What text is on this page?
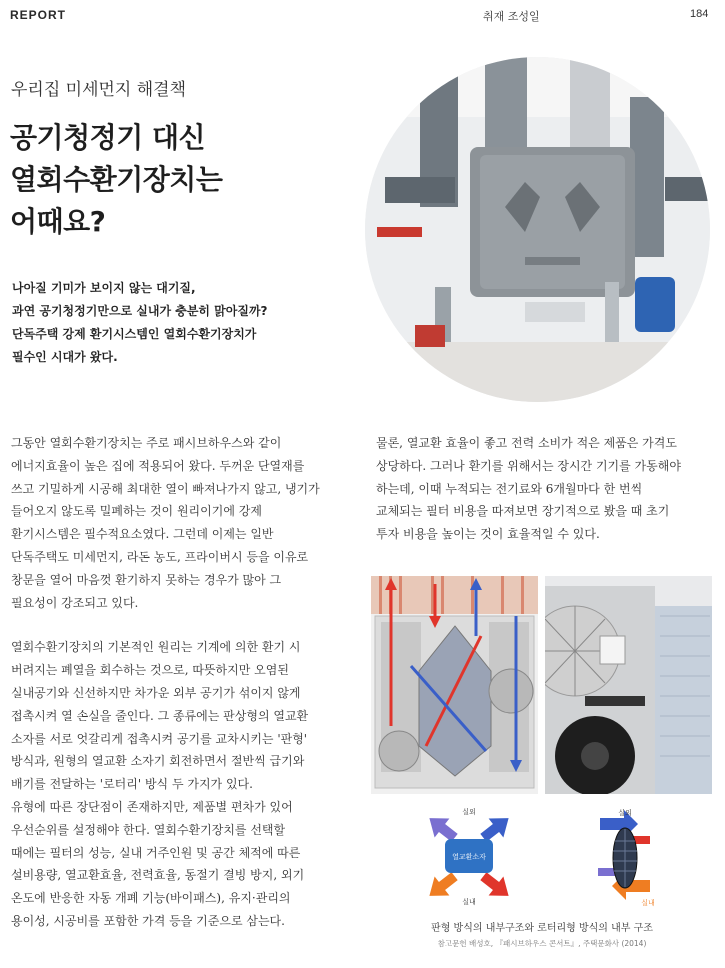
REPORT	취재 조성일	184
우리집 미세먼지 해결책
공기청정기 대신
열회수환기장치는
어때요?
나아질 기미가 보이지 않는 대기질,
과연 공기청정기만으로 실내가 충분히 맑아질까?
단독주택 강제 환기시스템인 열회수환기장치가
필수인 시대가 왔다.
그동안 열회수환기장치는 주로 패시브하우스와 같이
에너지효율이 높은 집에 적용되어 왔다. 두꺼운 단열재를
쓰고 기밀하게 시공해 최대한 열이 빠져나가지 않고, 냉기가
들어오지 않도록 밀폐하는 것이 원리이기에 강제
환기시스템은 필수적요소였다. 그런데 이제는 일반
단독주택도 미세먼지, 라돈 농도, 프라이버시 등을 이유로
창문을 열어 마음껏 환기하지 못하는 경우가 많아 그
필요성이 강조되고 있다.
열회수환기장치의 기본적인 원리는 기계에 의한 환기 시
버려지는 폐열을 회수하는 것으로, 따뜻하지만 오염된
실내공기와 신선하지만 차가운 외부 공기가 섞이지 않게
접촉시켜 열 손실을 줄인다. 그 종류에는 판상형의 열교환
소자를 서로 엇갈리게 접촉시켜 공기를 교차시키는 '판형'
방식과, 원형의 열교환 소자기 회전하면서 절반씩 급기와
배기를 전달하는 '로터리' 방식 두 가지가 있다.
유형에 따른 장단점이 존재하지만, 제품별 편차가 있어
우선순위를 설정해야 한다. 열회수환기장치를 선택할
때에는 필터의 성능, 실내 거주인원 및 공간 체적에 따른
설비용량, 열교환효율, 전력효율, 동절기 결빙 방지, 외기
온도에 반응한 자동 개폐 기능(바이패스), 유지·관리의
용이성, 시공비를 포함한 가격 등을 기준으로 삼는다.
물론, 열교환 효율이 좋고 전력 소비가 적은 제품은 가격도
상당하다. 그러나 환기를 위해서는 장시간 기기를 가동해야
하는데, 이때 누적되는 전기료와 6개월마다 한 번씩
교체되는 필터 비용을 따져보면 장기적으로 봤을 때 초기
투자 비용을 높이는 것이 효율적일 수 있다.
실외
열교환소자
실내
실외
실내
판형 방식의 내부구조와 로터리형 방식의 내부 구조
참고문헌 배성호, 『패시브하우스 콘서트』, 주택문화사 (2014)
